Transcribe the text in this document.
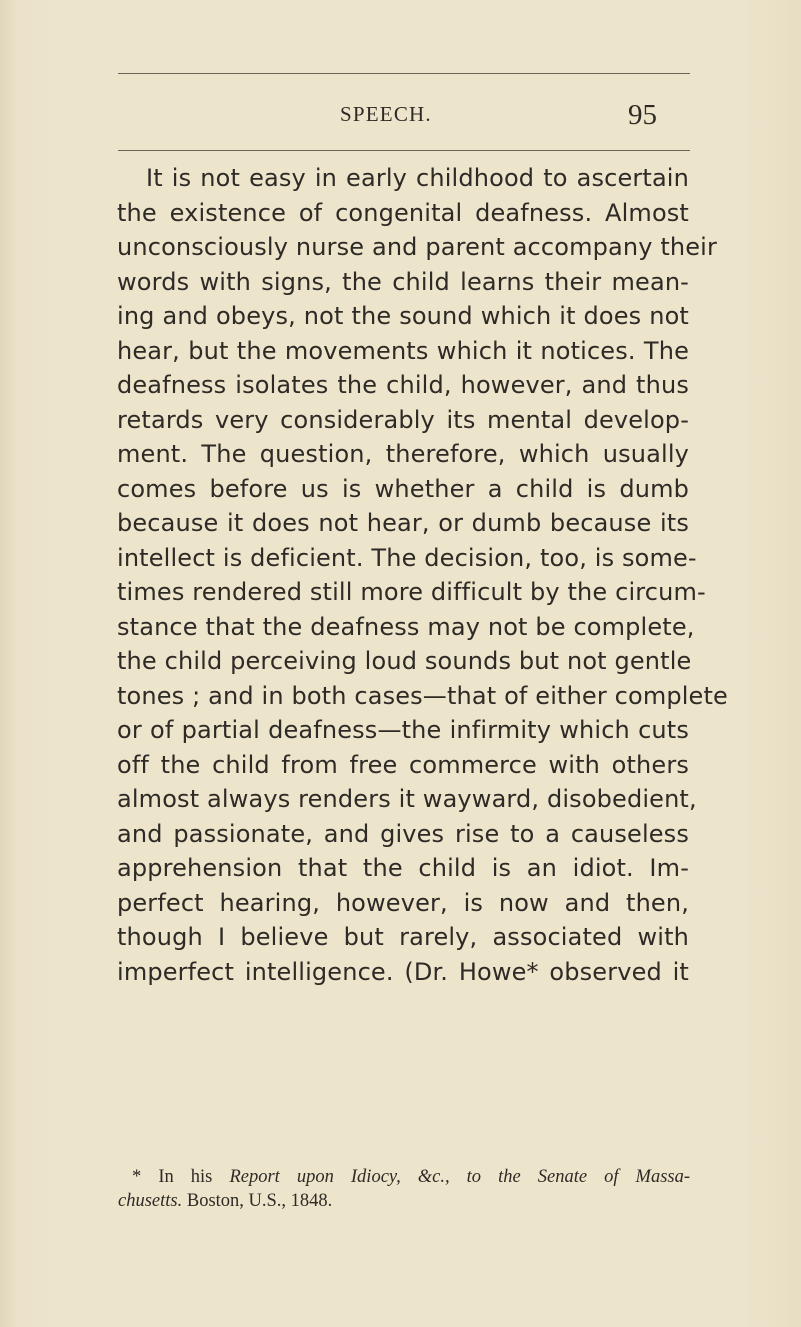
SPEECH.	95
It is not easy in early childhood to ascertain
the existence of congenital deafness. Almost
unconsciously nurse and parent accompany their
words with signs, the child learns their mean-
ing and obeys, not the sound which it does not
hear, but the movements which it notices. The
deafness isolates the child, however, and thus
retards very considerably its mental develop-
ment. The question, therefore, which usually
comes before us is whether a child is dumb
because it does not hear, or dumb because its
intellect is deficient. The decision, too, is some-
times rendered still more difficult by the circum-
stance that the deafness may not be complete,
the child perceiving loud sounds but not gentle
tones ; and in both cases—that of either complete
or of partial deafness—the infirmity which cuts
off the child from free commerce with others
almost always renders it wayward, disobedient,
and passionate, and gives rise to a causeless
apprehension that the child is an idiot. Im-
perfect hearing, however, is now and then,
though I believe but rarely, associated with
imperfect intelligence. (Dr. Howe* observed it
* In his Report upon Idiocy, &c., to the Senate of Massa-
chusetts. Boston, U.S., 1848.
